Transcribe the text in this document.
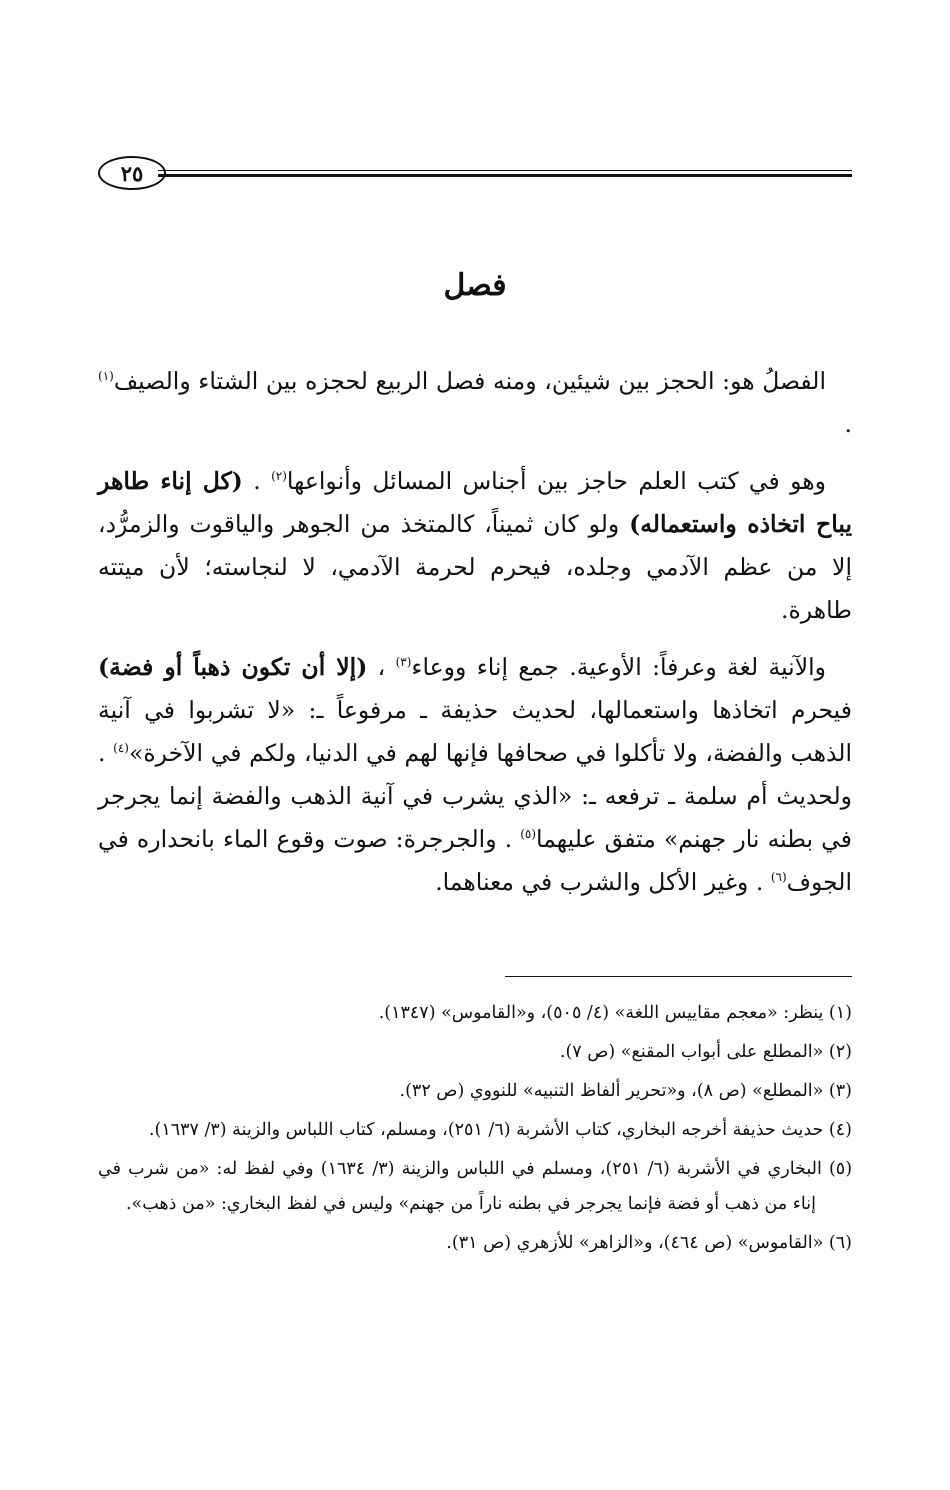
٢٥
فصل

الفصلُ هو: الحجز بين شيئين، ومنه فصل الربيع لحجزه بين الشتاء والصيف$^{(١)}$ .

وهو في كتب العلم حاجز بين أجناس المسائل وأنواعها$^{(٢)}$ . (كل إناء طاهر يباح اتخاذه واستعماله) ولو كان ثميناً، كالمتخذ من الجوهر والياقوت والزمرُّد، إلا من عظم الآدمي وجلده، فيحرم لحرمة الآدمي، لا لنجاسته؛ لأن ميتته طاهرة.

والآنية لغة وعرفاً: الأوعية. جمع إناء ووعاء$^{(٣)}$ ، (إلا أن تكون ذهباً أو فضة) فيحرم اتخاذها واستعمالها، لحديث حذيفة ـ مرفوعاً ـ: «لا تشربوا في آنية الذهب والفضة، ولا تأكلوا في صحافها فإنها لهم في الدنيا، ولكم في الآخرة»$^{(٤)}$ . ولحديث أم سلمة ـ ترفعه ـ: «الذي يشرب في آنية الذهب والفضة إنما يجرجر في بطنه نار جهنم» متفق عليهما$^{(٥)}$ . والجرجرة: صوت وقوع الماء بانحداره في الجوف$^{(٦)}$ . وغير الأكل والشرب في معناهما.

(١) ينظر: «معجم مقاييس اللغة» (٤/ ٥٠٥)، و«القاموس» (١٣٤٧).

(٢) «المطلع على أبواب المقنع» (ص ٧).

(٣) «المطلع» (ص ٨)، و«تحرير ألفاظ التنبيه» للنووي (ص ٣٢).

(٤) حديث حذيفة أخرجه البخاري، كتاب الأشربة (٦/ ٢٥١)، ومسلم، كتاب اللباس والزينة (٣/ ١٦٣٧).

(٥) البخاري في الأشربة (٦/ ٢٥١)، ومسلم في اللباس والزينة (٣/ ١٦٣٤) وفي لفظ له: «من شرب في إناء من ذهب أو فضة فإنما يجرجر في بطنه ناراً من جهنم» وليس في لفظ البخاري: «من ذهب».

(٦) «القاموس» (ص ٤٦٤)، و«الزاهر» للأزهري (ص ٣١).
